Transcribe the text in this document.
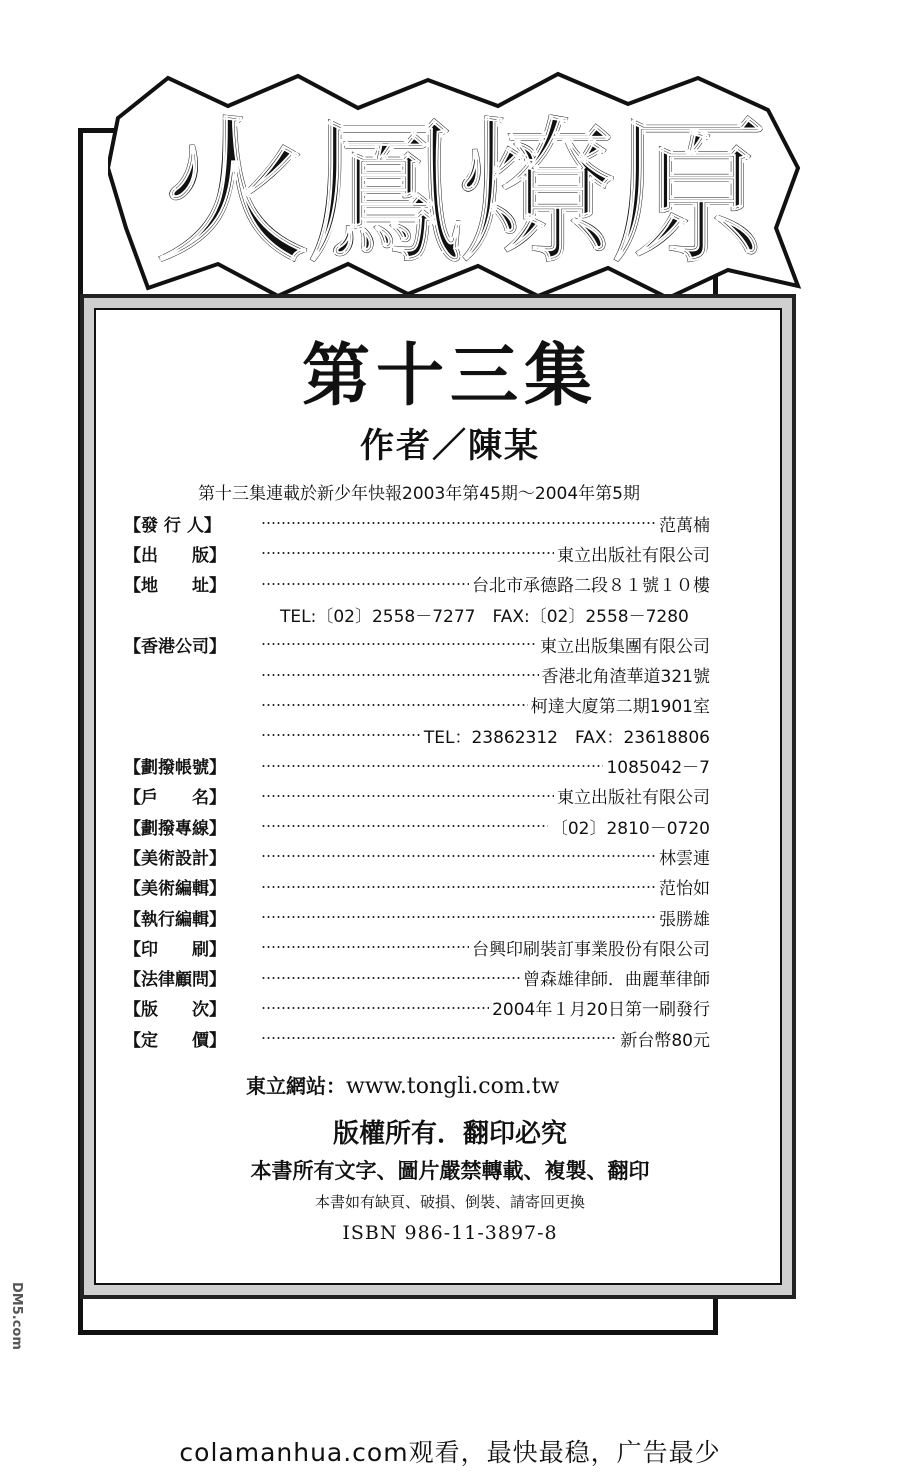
火鳳燎原
第十三集
作者／陳某
第十三集連載於新少年快報2003年第45期～2004年第5期
【發 行 人】	范萬楠
【出　　版】	東立出版社有限公司
【地　　址】	台北市承德路二段８１號１０樓
TEL:〔02〕2558－7277　FAX:〔02〕2558－7280
【香港公司】	東立出版集團有限公司
香港北角渣華道321號
柯達大廈第二期1901室
TEL：23862312　FAX：23618806
【劃撥帳號】	1085042－7
【戶　　名】	東立出版社有限公司
【劃撥專線】	〔02〕2810－0720
【美術設計】	林雲連
【美術編輯】	范怡如
【執行編輯】	張勝雄
【印　　刷】	台興印刷裝訂事業股份有限公司
【法律顧問】	曾森雄律師．曲麗華律師
【版　　次】	2004年１月20日第一刷發行
【定　　價】	新台幣80元
東立網站：www.tongli.com.tw
版權所有．翻印必究
本書所有文字、圖片嚴禁轉載、複製、翻印
本書如有缺頁、破損、倒裝、請寄回更換
ISBN 986-11-3897-8
DM5.com
colamanhua.com观看，最快最稳，广告最少
